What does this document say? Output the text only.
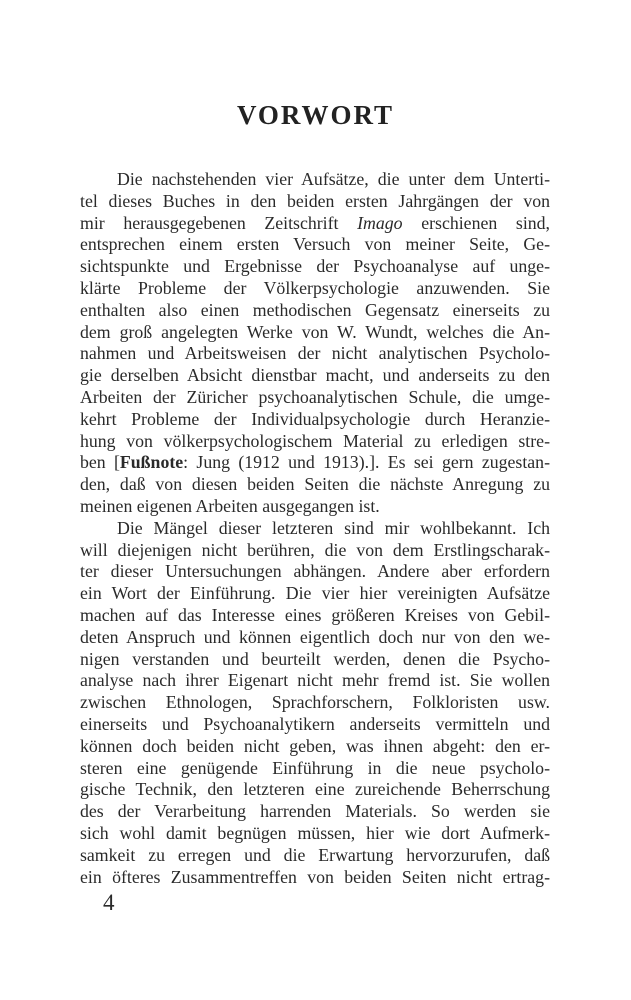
VORWORT
Die nachstehenden vier Aufsätze, die unter dem Unterti-
tel dieses Buches in den beiden ersten Jahrgängen der von
mir herausgegebenen Zeitschrift Imago erschienen sind,
entsprechen einem ersten Versuch von meiner Seite, Ge-
sichtspunkte und Ergebnisse der Psychoanalyse auf unge-
klärte Probleme der Völkerpsychologie anzuwenden. Sie
enthalten also einen methodischen Gegensatz einerseits zu
dem groß angelegten Werke von W. Wundt, welches die An-
nahmen und Arbeitsweisen der nicht analytischen Psycholo-
gie derselben Absicht dienstbar macht, und anderseits zu den
Arbeiten der Züricher psychoanalytischen Schule, die umge-
kehrt Probleme der Individualpsychologie durch Heranzie-
hung von völkerpsychologischem Material zu erledigen stre-
ben [Fußnote: Jung (1912 und 1913).]. Es sei gern zugestan-
den, daß von diesen beiden Seiten die nächste Anregung zu
meinen eigenen Arbeiten ausgegangen ist.
Die Mängel dieser letzteren sind mir wohlbekannt. Ich
will diejenigen nicht berühren, die von dem Erstlingscharak-
ter dieser Untersuchungen abhängen. Andere aber erfordern
ein Wort der Einführung. Die vier hier vereinigten Aufsätze
machen auf das Interesse eines größeren Kreises von Gebil-
deten Anspruch und können eigentlich doch nur von den we-
nigen verstanden und beurteilt werden, denen die Psycho-
analyse nach ihrer Eigenart nicht mehr fremd ist. Sie wollen
zwischen Ethnologen, Sprachforschern, Folkloristen usw.
einerseits und Psychoanalytikern anderseits vermitteln und
können doch beiden nicht geben, was ihnen abgeht: den er-
steren eine genügende Einführung in die neue psycholo-
gische Technik, den letzteren eine zureichende Beherrschung
des der Verarbeitung harrenden Materials. So werden sie
sich wohl damit begnügen müssen, hier wie dort Aufmerk-
samkeit zu erregen und die Erwartung hervorzurufen, daß
ein öfteres Zusammentreffen von beiden Seiten nicht ertrag-
4
